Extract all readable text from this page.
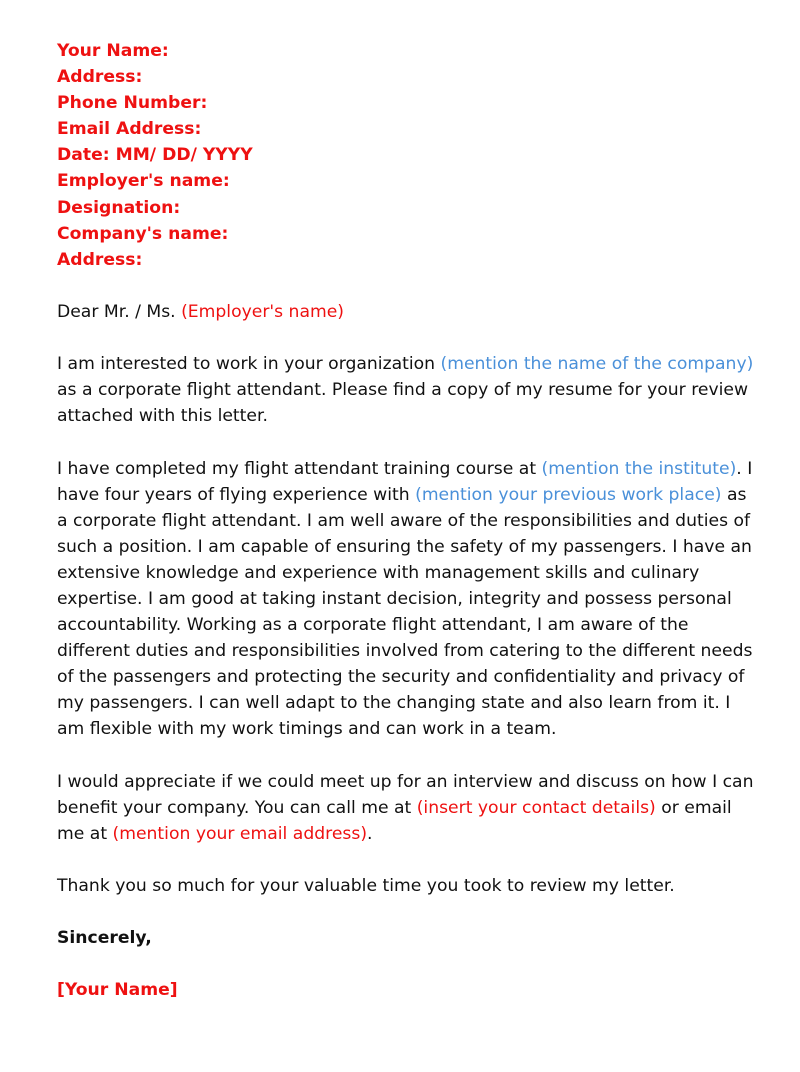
Your Name:
Address:
Phone Number:
Email Address:
Date: MM/ DD/ YYYY
Employer's name:
Designation:
Company's name:
Address:

Dear Mr. / Ms. (Employer's name)

I am interested to work in your organization (mention the name of the company) as a corporate flight attendant. Please find a copy of my resume for your review attached with this letter.

I have completed my flight attendant training course at (mention the institute). I have four years of flying experience with (mention your previous work place) as a corporate flight attendant. I am well aware of the responsibilities and duties of such a position. I am capable of ensuring the safety of my passengers. I have an extensive knowledge and experience with management skills and culinary expertise. I am good at taking instant decision, integrity and possess personal accountability. Working as a corporate flight attendant, I am aware of the different duties and responsibilities involved from catering to the different needs of the passengers and protecting the security and confidentiality and privacy of my passengers. I can well adapt to the changing state and also learn from it. I am flexible with my work timings and can work in a team.

I would appreciate if we could meet up for an interview and discuss on how I can benefit your company. You can call me at (insert your contact details) or email me at (mention your email address).

Thank you so much for your valuable time you took to review my letter.

Sincerely,

[Your Name]
